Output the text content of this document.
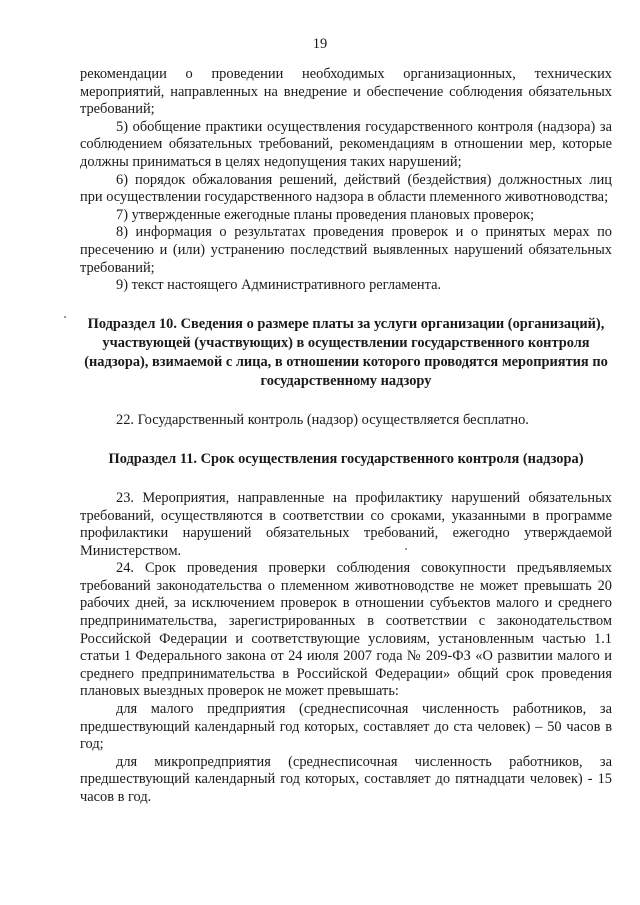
19

рекомендации о проведении необходимых организационных, технических мероприятий, направленных на внедрение и обеспечение соблюдения обязательных требований;

5) обобщение практики осуществления государственного контроля (надзора) за соблюдением обязательных требований, рекомендациям в отношении мер, которые должны приниматься в целях недопущения таких нарушений;

6) порядок обжалования решений, действий (бездействия) должностных лиц при осуществлении государственного надзора в области племенного животноводства;

7) утвержденные ежегодные планы проведения плановых проверок;

8) информация о результатах проведения проверок и о принятых мерах по пресечению и (или) устранению последствий выявленных нарушений обязательных требований;

9) текст настоящего Административного регламента.

Подраздел 10. Сведения о размере платы за услуги организации (организаций), участвующей (участвующих) в осуществлении государственного контроля (надзора), взимаемой с лица, в отношении которого проводятся мероприятия по государственному надзору

22. Государственный контроль (надзор) осуществляется бесплатно.

Подраздел 11. Срок осуществления государственного контроля (надзора)

23. Мероприятия, направленные на профилактику нарушений обязательных требований, осуществляются в соответствии со сроками, указанными в программе профилактики нарушений обязательных требований, ежегодно утверждаемой Министерством.

24. Срок проведения проверки соблюдения совокупности предъявляемых требований законодательства о племенном животноводстве не может превышать 20 рабочих дней, за исключением проверок в отношении субъектов малого и среднего предпринимательства, зарегистрированных в соответствии с законодательством Российской Федерации и соответствующие условиям, установленным частью 1.1 статьи 1 Федерального закона от 24 июля 2007 года № 209-ФЗ «О развитии малого и среднего предпринимательства в Российской Федерации» общий срок проведения плановых выездных проверок не может превышать:

для малого предприятия (среднесписочная численность работников, за предшествующий календарный год которых, составляет до ста человек) – 50 часов в год;

для микропредприятия (среднесписочная численность работников, за предшествующий календарный год которых, составляет до пятнадцати человек) - 15 часов в год.
